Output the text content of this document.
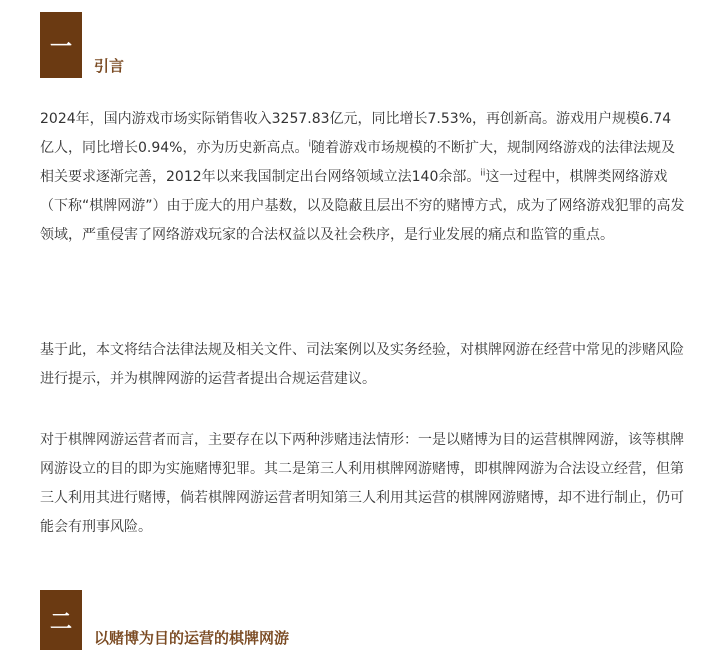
一
引言

2024年，国内游戏市场实际销售收入3257.83亿元，同比增长7.53%，再创新高。游戏用户规模6.74亿人，同比增长0.94%，亦为历史新高点。$^i$随着游戏市场规模的不断扩大，规制网络游戏的法律法规及相关要求逐渐完善，2012年以来我国制定出台网络领域立法140余部。$^{ii}$这一过程中，棋牌类网络游戏（下称“棋牌网游”）由于庞大的用户基数，以及隐蔽且层出不穷的赌博方式，成为了网络游戏犯罪的高发领域，严重侵害了网络游戏玩家的合法权益以及社会秩序，是行业发展的痛点和监管的重点。

基于此，本文将结合法律法规及相关文件、司法案例以及实务经验，对棋牌网游在经营中常见的涉赌风险进行提示，并为棋牌网游的运营者提出合规运营建议。

对于棋牌网游运营者而言，主要存在以下两种涉赌违法情形：一是以赌博为目的运营棋牌网游，该等棋牌网游设立的目的即为实施赌博犯罪。其二是第三人利用棋牌网游赌博，即棋牌网游为合法设立经营，但第三人利用其进行赌博，倘若棋牌网游运营者明知第三人利用其运营的棋牌网游赌博，却不进行制止，仍可能会有刑事风险。

二
以赌博为目的运营的棋牌网游
